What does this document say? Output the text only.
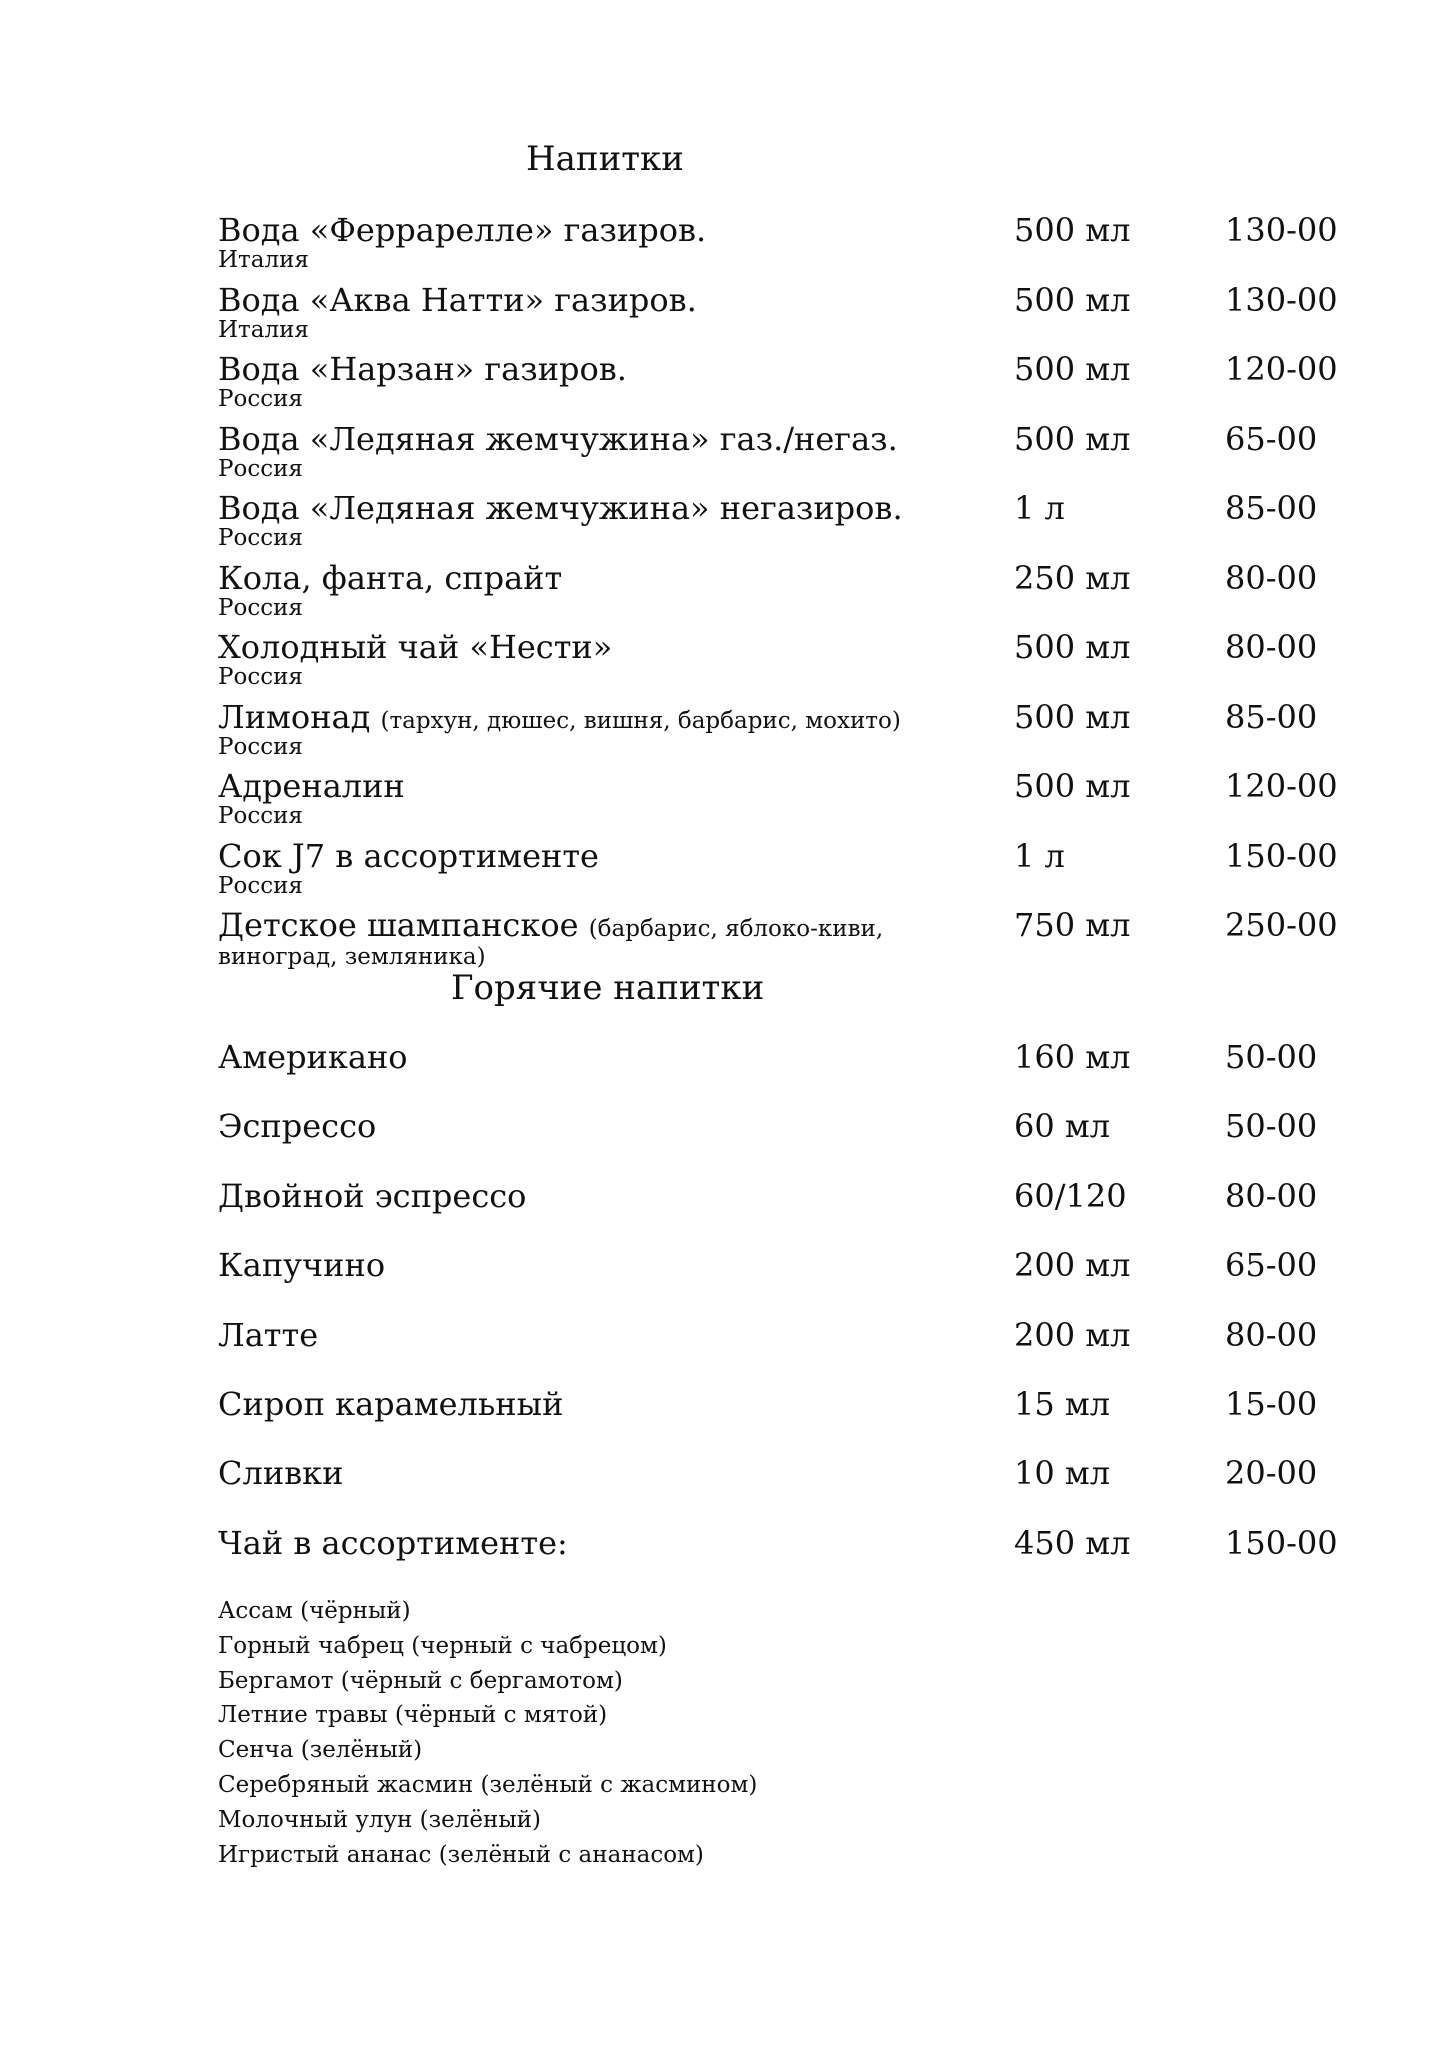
Напитки
Вода «Феррарелле» газиров.	500 мл	130-00
Италия
Вода «Аква Натти» газиров.	500 мл	130-00
Италия
Вода «Нарзан» газиров.	500 мл	120-00
Россия
Вода «Ледяная жемчужина» газ./негаз.	500 мл	65-00
Россия
Вода «Ледяная жемчужина» негазиров.	1 л	85-00
Россия
Кола, фанта, спрайт	250 мл	80-00
Россия
Холодный чай «Нести»	500 мл	80-00
Россия
Лимонад (тархун, дюшес, вишня, барбарис, мохито)	500 мл	85-00
Россия
Адреналин	500 мл	120-00
Россия
Сок J7 в ассортименте	1 л	150-00
Россия
Детское шампанское (барбарис, яблоко-киви,	750 мл	250-00
виноград, земляника)
Горячие напитки
Американо	160 мл	50-00
Эспрессо	60 мл	50-00
Двойной эспрессо	60/120	80-00
Капучино	200 мл	65-00
Латте	200 мл	80-00
Сироп карамельный	15 мл	15-00
Сливки	10 мл	20-00
Чай в ассортименте:	450 мл	150-00
Ассам (чёрный)
Горный чабрец (черный с чабрецом)
Бергамот (чёрный с бергамотом)
Летние травы (чёрный с мятой)
Сенча (зелёный)
Серебряный жасмин (зелёный с жасмином)
Молочный улун (зелёный)
Игристый ананас (зелёный с ананасом)
